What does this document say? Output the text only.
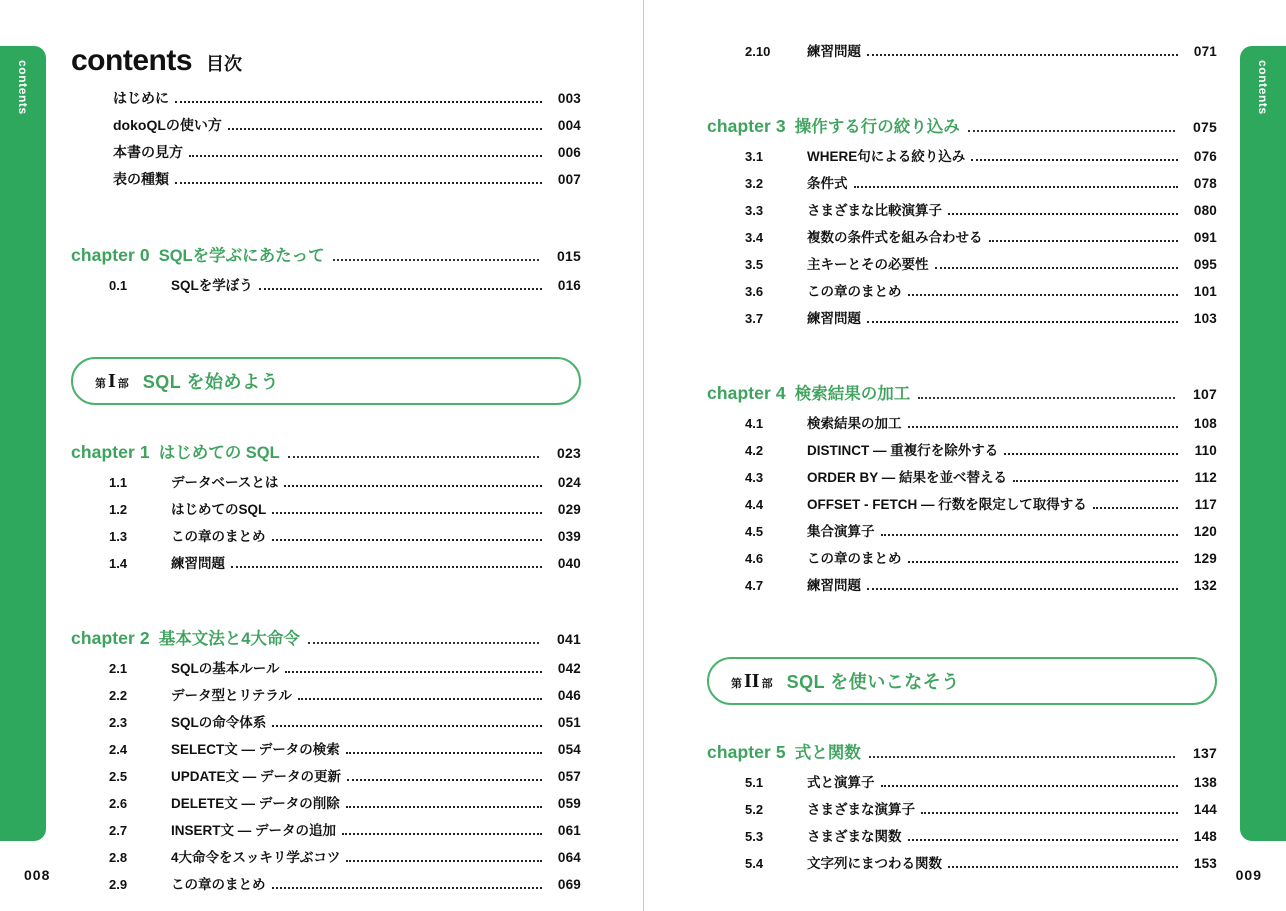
contents contents 目次
はじめに	003
dokoQLの使い方	004
本書の見方	006
表の種類	007
chapter 0 SQLを学ぶにあたって	015
0.1	SQLを学ぼう	016
第 I 部 SQL を始めよう
chapter 1 はじめての SQL	023
1.1	データベースとは	024
1.2	はじめてのSQL	029
1.3	この章のまとめ	039
1.4	練習問題	040
chapter 2 基本文法と4大命令	041
2.1	SQLの基本ルール	042
2.2	データ型とリテラル	046
2.3	SQLの命令体系	051
2.4	SELECT文 ― データの検索	054
2.5	UPDATE文 ― データの更新	057
2.6	DELETE文 ― データの削除	059
2.7	INSERT文 ― データの追加	061
2.8	4大命令をスッキリ学ぶコツ	064
2.9	この章のまとめ	069
008
contents
2.10	練習問題	071
chapter 3 操作する行の絞り込み	075
3.1	WHERE句による絞り込み	076
3.2	条件式	078
3.3	さまざまな比較演算子	080
3.4	複数の条件式を組み合わせる	091
3.5	主キーとその必要性	095
3.6	この章のまとめ	101
3.7	練習問題	103
chapter 4 検索結果の加工	107
4.1	検索結果の加工	108
4.2	DISTINCT ― 重複行を除外する	110
4.3	ORDER BY ― 結果を並べ替える	112
4.4	OFFSET - FETCH ― 行数を限定して取得する	117
4.5	集合演算子	120
4.6	この章のまとめ	129
4.7	練習問題	132
第 II 部 SQL を使いこなそう
chapter 5 式と関数	137
5.1	式と演算子	138
5.2	さまざまな演算子	144
5.3	さまざまな関数	148
5.4	文字列にまつわる関数	153
009
